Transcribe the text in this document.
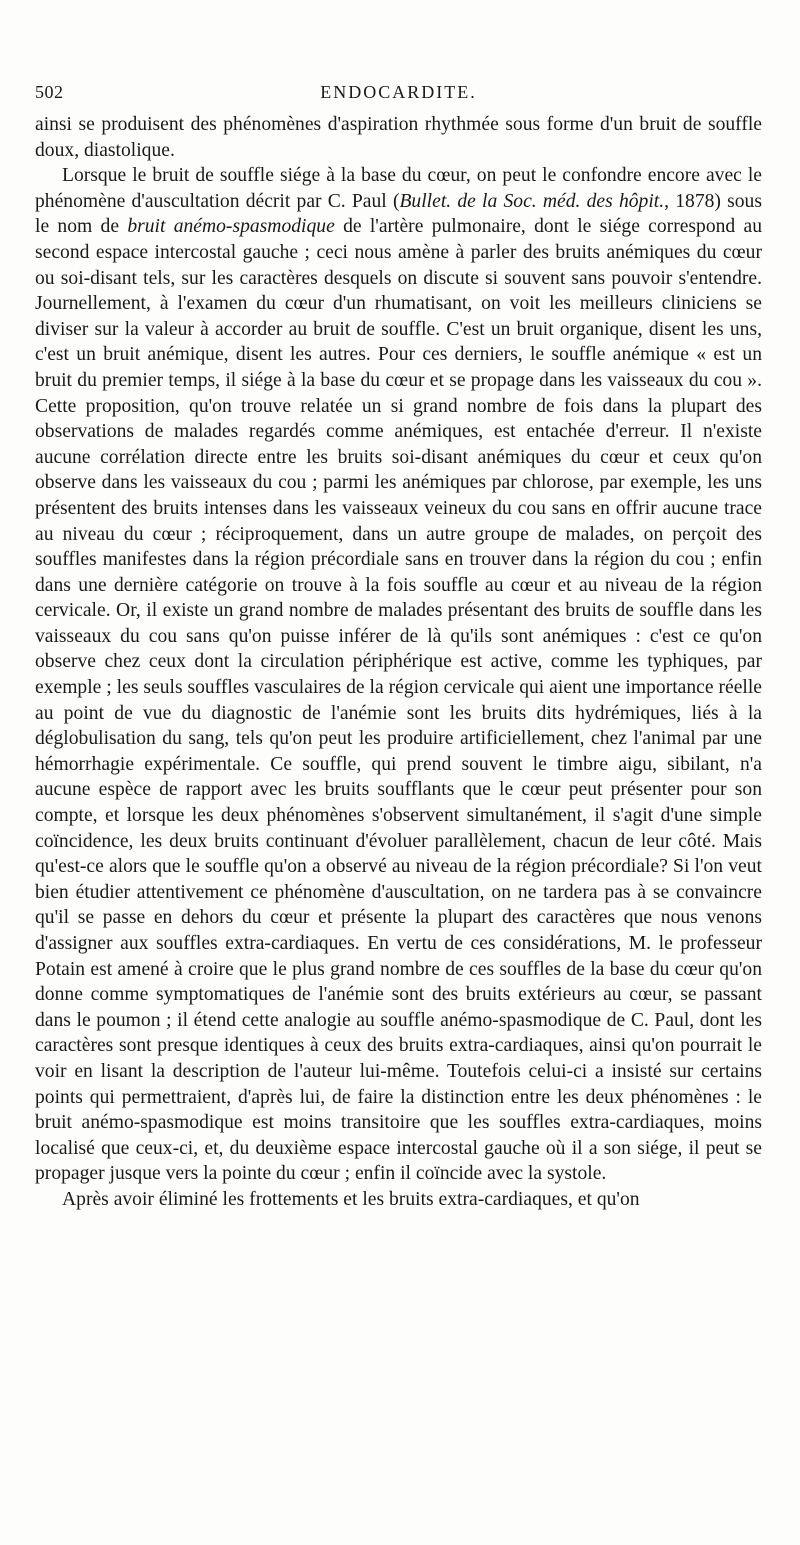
502	ENDOCARDITE.

ainsi se produisent des phénomènes d'aspiration rhythmée sous forme d'un bruit de souffle doux, diastolique.

Lorsque le bruit de souffle siége à la base du cœur, on peut le confondre encore avec le phénomène d'auscultation décrit par C. Paul (Bullet. de la Soc. méd. des hôpit., 1878) sous le nom de bruit anémo-spasmodique de l'artère pulmonaire, dont le siége correspond au second espace intercostal gauche ; ceci nous amène à parler des bruits anémiques du cœur ou soi-disant tels, sur les caractères desquels on discute si souvent sans pouvoir s'entendre. Journellement, à l'examen du cœur d'un rhumatisant, on voit les meilleurs cliniciens se diviser sur la valeur à accorder au bruit de souffle. C'est un bruit organique, disent les uns, c'est un bruit anémique, disent les autres. Pour ces derniers, le souffle anémique « est un bruit du premier temps, il siége à la base du cœur et se propage dans les vaisseaux du cou ». Cette proposition, qu'on trouve relatée un si grand nombre de fois dans la plupart des observations de malades regardés comme anémiques, est entachée d'erreur. Il n'existe aucune corrélation directe entre les bruits soi-disant anémiques du cœur et ceux qu'on observe dans les vaisseaux du cou ; parmi les anémiques par chlorose, par exemple, les uns présentent des bruits intenses dans les vaisseaux veineux du cou sans en offrir aucune trace au niveau du cœur ; réciproquement, dans un autre groupe de malades, on perçoit des souffles manifestes dans la région précordiale sans en trouver dans la région du cou ; enfin dans une dernière catégorie on trouve à la fois souffle au cœur et au niveau de la région cervicale. Or, il existe un grand nombre de malades présentant des bruits de souffle dans les vaisseaux du cou sans qu'on puisse inférer de là qu'ils sont anémiques : c'est ce qu'on observe chez ceux dont la circulation périphérique est active, comme les typhiques, par exemple ; les seuls souffles vasculaires de la région cervicale qui aient une importance réelle au point de vue du diagnostic de l'anémie sont les bruits dits hydrémiques, liés à la déglobulisation du sang, tels qu'on peut les produire artificiellement, chez l'animal par une hémorrhagie expérimentale. Ce souffle, qui prend souvent le timbre aigu, sibilant, n'a aucune espèce de rapport avec les bruits soufflants que le cœur peut présenter pour son compte, et lorsque les deux phénomènes s'observent simultanément, il s'agit d'une simple coïncidence, les deux bruits continuant d'évoluer parallèlement, chacun de leur côté. Mais qu'est-ce alors que le souffle qu'on a observé au niveau de la région précordiale? Si l'on veut bien étudier attentivement ce phénomène d'auscultation, on ne tardera pas à se convaincre qu'il se passe en dehors du cœur et présente la plupart des caractères que nous venons d'assigner aux souffles extra-cardiaques. En vertu de ces considérations, M. le professeur Potain est amené à croire que le plus grand nombre de ces souffles de la base du cœur qu'on donne comme symptomatiques de l'anémie sont des bruits extérieurs au cœur, se passant dans le poumon ; il étend cette analogie au souffle anémo-spasmodique de C. Paul, dont les caractères sont presque identiques à ceux des bruits extra-cardiaques, ainsi qu'on pourrait le voir en lisant la description de l'auteur lui-même. Toutefois celui-ci a insisté sur certains points qui permettraient, d'après lui, de faire la distinction entre les deux phénomènes : le bruit anémo-spasmodique est moins transitoire que les souffles extra-cardiaques, moins localisé que ceux-ci, et, du deuxième espace intercostal gauche où il a son siége, il peut se propager jusque vers la pointe du cœur ; enfin il coïncide avec la systole.

Après avoir éliminé les frottements et les bruits extra-cardiaques, et qu'on
